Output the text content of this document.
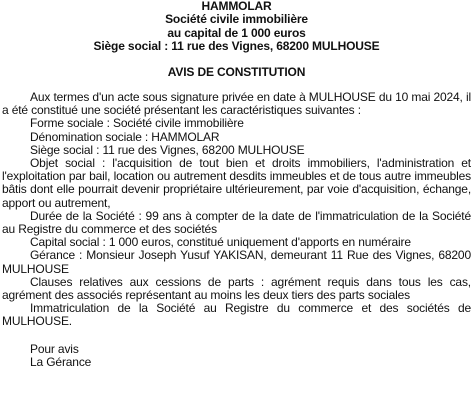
HAMMOLAR
Société civile immobilière
au capital de 1 000 euros
Siège social : 11 rue des Vignes, 68200 MULHOUSE
AVIS DE CONSTITUTION

Aux termes d'un acte sous signature privée en date à MULHOUSE du 10 mai 2024, il a été constitué une société présentant les caractéristiques suivantes :

Forme sociale : Société civile immobilière

Dénomination sociale : HAMMOLAR

Siège social : 11 rue des Vignes, 68200 MULHOUSE

Objet social : l'acquisition de tout bien et droits immobiliers, l'administration et l'exploitation par bail, location ou autrement desdits immeubles et de tous autre immeubles bâtis dont elle pourrait devenir propriétaire ultérieurement, par voie d'acquisition, échange, apport ou autrement,

Durée de la Société : 99 ans à compter de la date de l'immatriculation de la Société au Registre du commerce et des sociétés

Capital social : 1 000 euros, constitué uniquement d'apports en numéraire

Gérance : Monsieur Joseph Yusuf YAKISAN, demeurant 11 Rue des Vignes, 68200 MULHOUSE

Clauses relatives aux cessions de parts : agrément requis dans tous les cas, agrément des associés représentant au moins les deux tiers des parts sociales

Immatriculation de la Société au Registre du commerce et des sociétés de MULHOUSE.

Pour avis
La Gérance
